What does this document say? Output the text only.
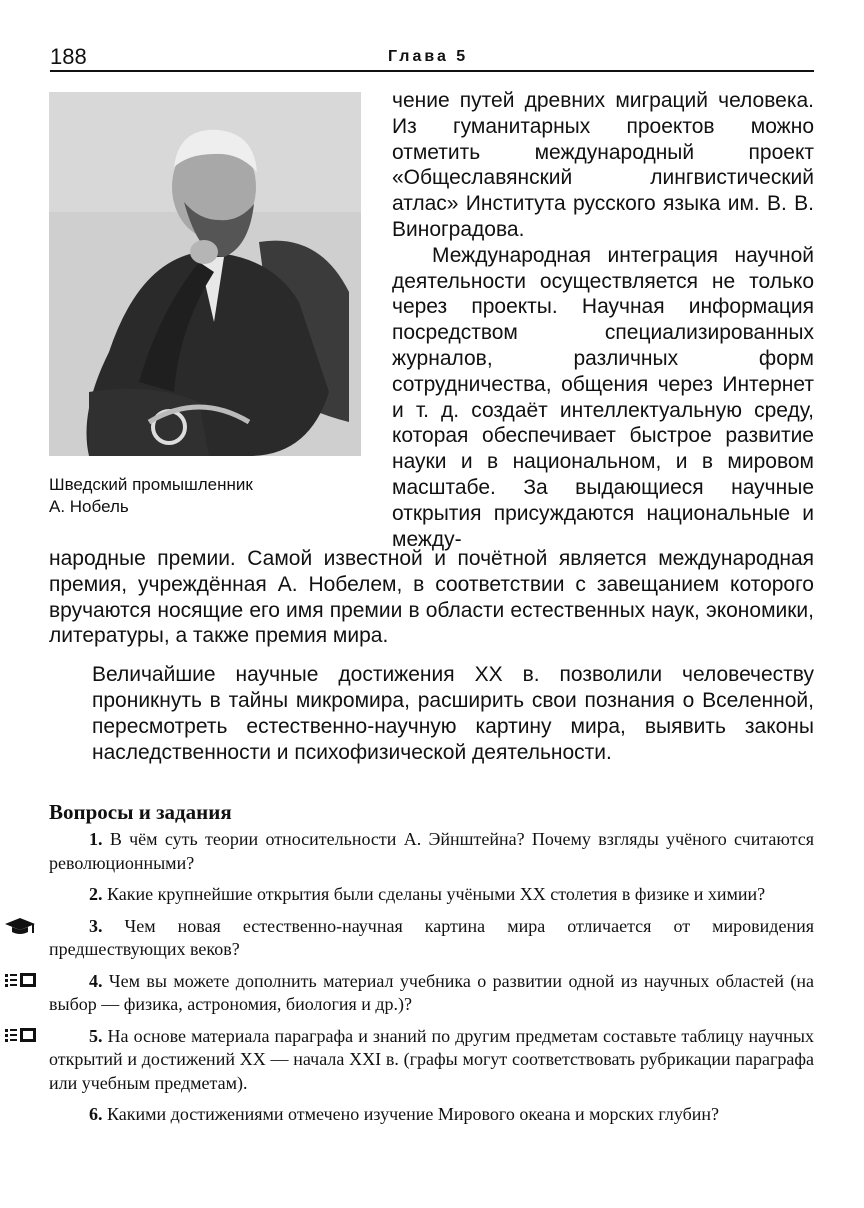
188	Глава 5
Шведский промышленник
А. Нобель

чение путей древних миграций человека. Из гуманитарных проектов можно отметить международный проект «Общеславянский лингвистический атлас» Института русского языка им. В. В. Виноградова.

Международная интеграция научной деятельности осуществляется не только через проекты. Научная информация посредством специализированных журналов, различных форм сотрудничества, общения через Интернет и т. д. создаёт интеллектуальную среду, которая обеспечивает быстрое развитие науки и в национальном, и в мировом масштабе. За выдающиеся научные открытия присуждаются национальные и между-

народные премии. Самой известной и почётной является международная премия, учреждённая А. Нобелем, в соответствии с завещанием которого вручаются носящие его имя премии в области естественных наук, экономики, литературы, а также премия мира.

Величайшие научные достижения XX в. позволили человечеству проникнуть в тайны микромира, расширить свои познания о Вселенной, пересмотреть естественно-научную картину мира, выявить законы наследственности и психофизической деятельности.

Вопросы и задания
1. В чём суть теории относительности А. Эйнштейна? Почему взгляды учёного считаются революционными?
2. Какие крупнейшие открытия были сделаны учёными XX столетия в физике и химии?
3. Чем новая естественно-научная картина мира отличается от мировидения предшествующих веков?
4. Чем вы можете дополнить материал учебника о развитии одной из научных областей (на выбор — физика, астрономия, биология и др.)?
5. На основе материала параграфа и знаний по другим предметам составьте таблицу научных открытий и достижений XX — начала XXI в. (графы могут соответствовать рубрикации параграфа или учебным предметам).
6. Какими достижениями отмечено изучение Мирового океана и морских глубин?
